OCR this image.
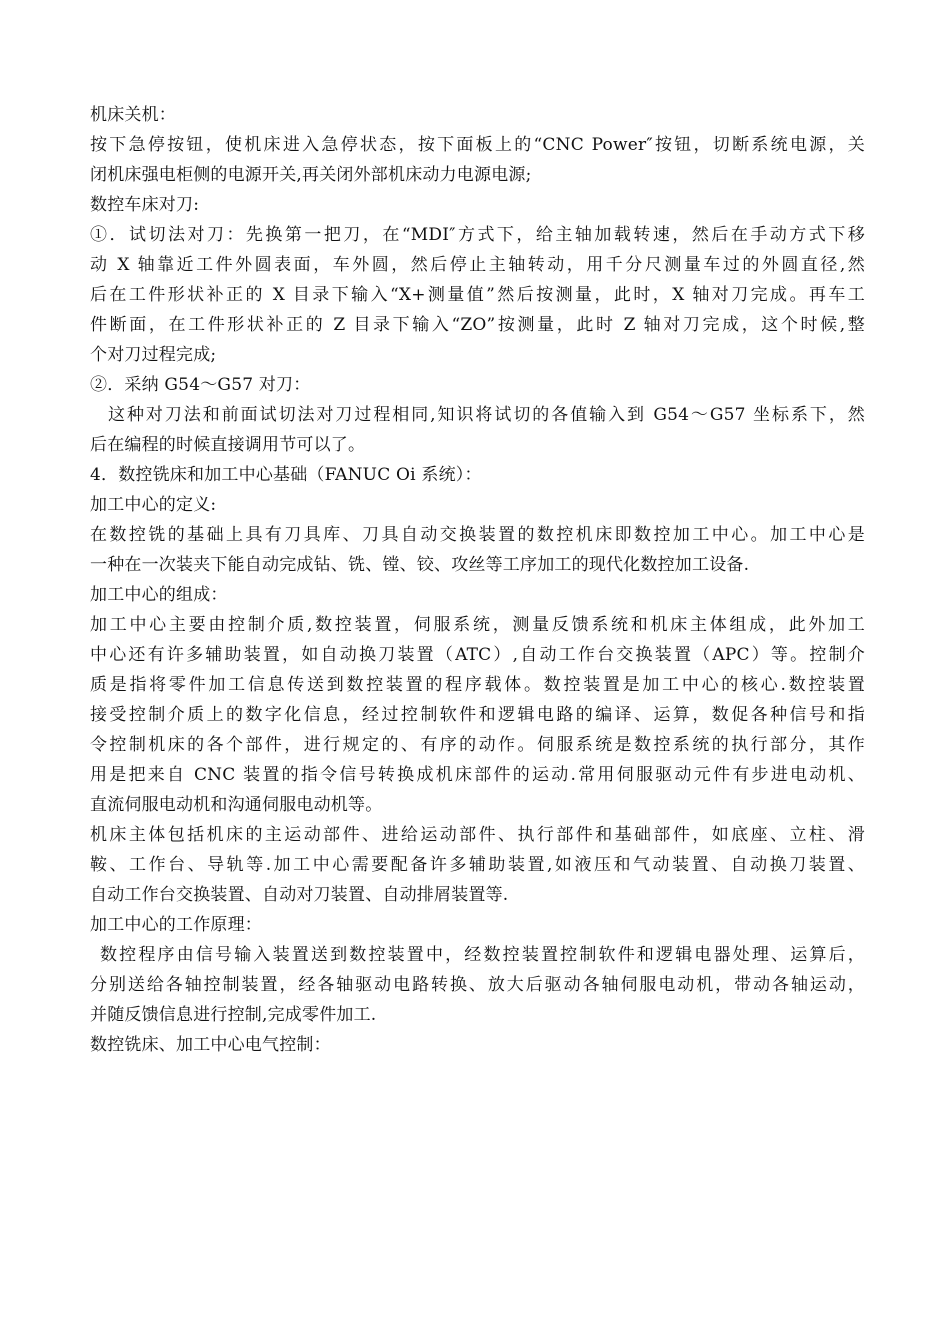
机床关机：
按下急停按钮，使机床进入急停状态，按下面板上的“CNC Power″按钮，切断系统电源，关
闭机床强电柜侧的电源开关,再关闭外部机床动力电源电源;
数控车床对刀:
①．试切法对刀：先换第一把刀，在“MDI″方式下，给主轴加载转速，然后在手动方式下移
动 X 轴靠近工件外圆表面，车外圆，然后停止主轴转动，用千分尺测量车过的外圆直径,然
后在工件形状补正的 X 目录下输入“X+测量值”然后按测量，此时，X 轴对刀完成。再车工
件断面，在工件形状补正的 Z 目录下输入“ZO”按测量，此时 Z 轴对刀完成，这个时候,整
个对刀过程完成;
②．采纳 G54～G57 对刀：
这种对刀法和前面试切法对刀过程相同,知识将试切的各值输入到 G54～G57 坐标系下，然
后在编程的时候直接调用节可以了。
4．数控铣床和加工中心基础（FANUC Oi 系统）：
加工中心的定义:
在数控铣的基础上具有刀具库、刀具自动交换装置的数控机床即数控加工中心。加工中心是
一种在一次装夹下能自动完成钻、铣、镗、铰、攻丝等工序加工的现代化数控加工设备.
加工中心的组成：
加工中心主要由控制介质,数控装置，伺服系统，测量反馈系统和机床主体组成，此外加工
中心还有许多辅助装置，如自动换刀装置（ATC）,自动工作台交换装置（APC）等。控制介
质是指将零件加工信息传送到数控装置的程序载体。数控装置是加工中心的核心.数控装置
接受控制介质上的数字化信息，经过控制软件和逻辑电路的编译、运算，数促各种信号和指
令控制机床的各个部件，进行规定的、有序的动作。伺服系统是数控系统的执行部分，其作
用是把来自 CNC 装置的指令信号转换成机床部件的运动.常用伺服驱动元件有步进电动机、
直流伺服电动机和沟通伺服电动机等。
机床主体包括机床的主运动部件、进给运动部件、执行部件和基础部件，如底座、立柱、滑
鞍、工作台、导轨等.加工中心需要配备许多辅助装置,如液压和气动装置、自动换刀装置、
自动工作台交换装置、自动对刀装置、自动排屑装置等.
加工中心的工作原理：
数控程序由信号输入装置送到数控装置中，经数控装置控制软件和逻辑电器处理、运算后，
分别送给各轴控制装置，经各轴驱动电路转换、放大后驱动各轴伺服电动机，带动各轴运动，
并随反馈信息进行控制,完成零件加工.
数控铣床、加工中心电气控制：
